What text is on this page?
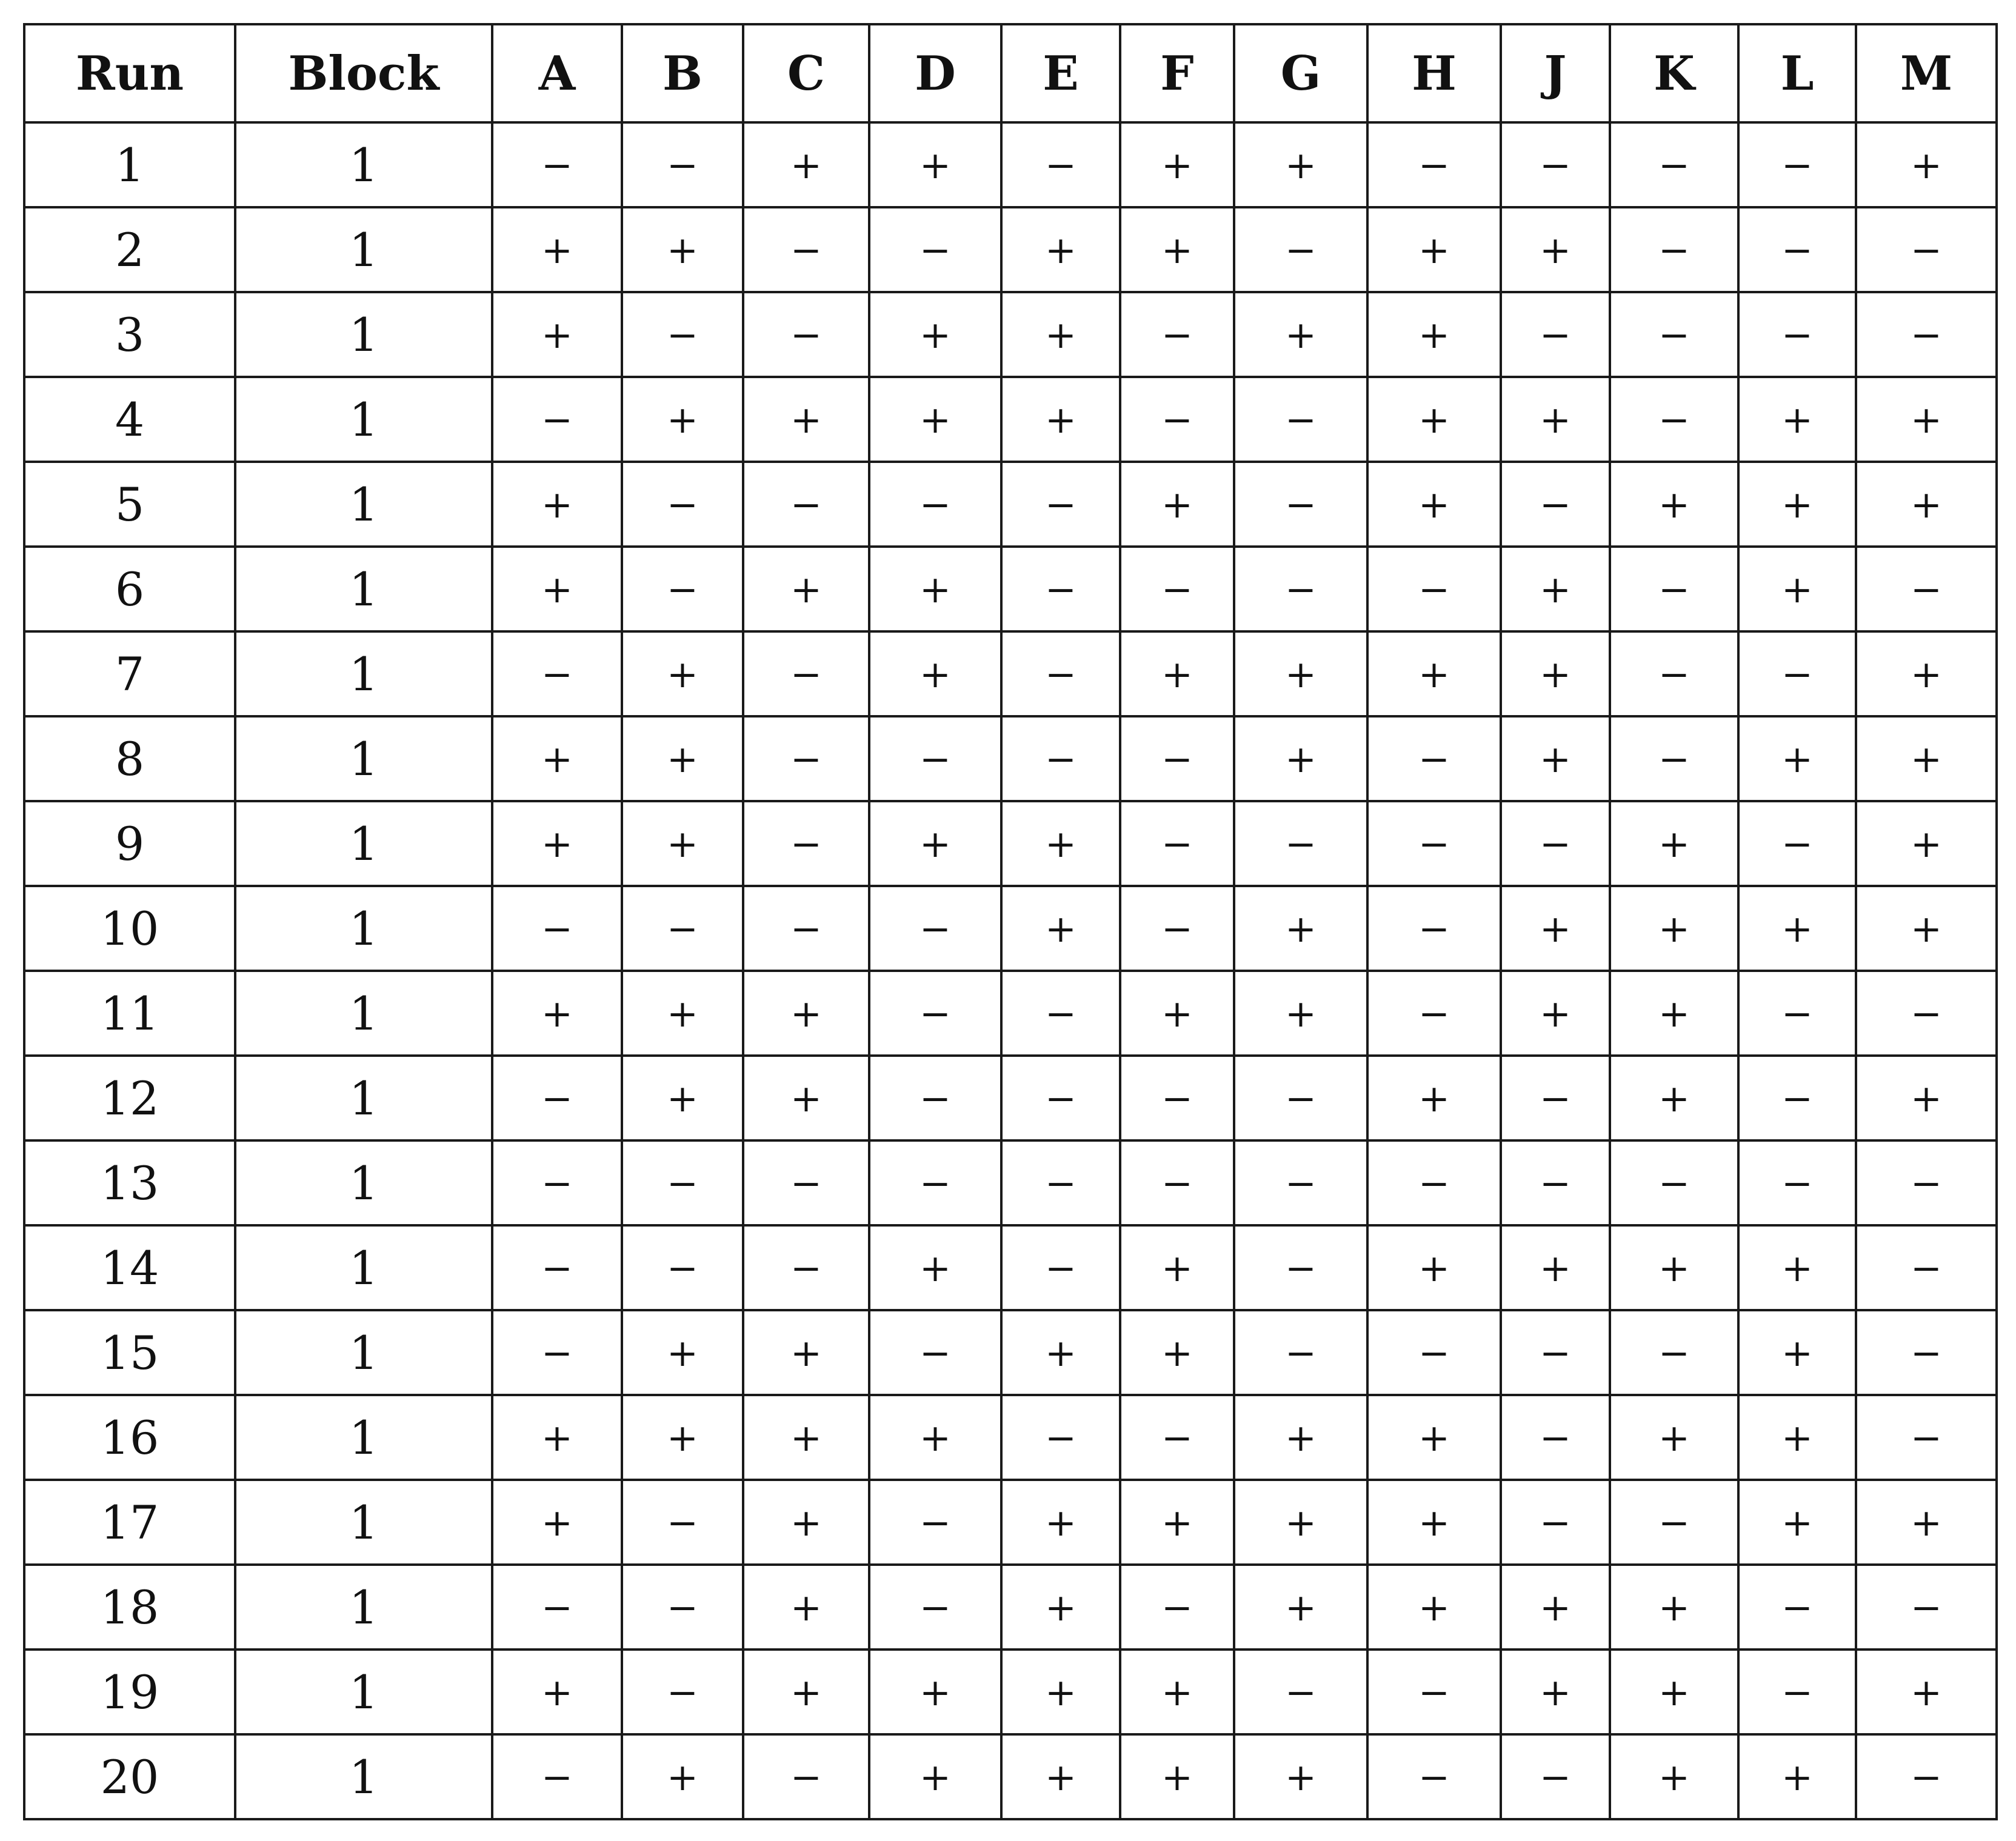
Run	Block	A	B	C	D	E	F	G	H	J	K	L	M
1	1	−	−	+	+	−	+	+	−	−	−	−	+
2	1	+	+	−	−	+	+	−	+	+	−	−	−
3	1	+	−	−	+	+	−	+	+	−	−	−	−
4	1	−	+	+	+	+	−	−	+	+	−	+	+
5	1	+	−	−	−	−	+	−	+	−	+	+	+
6	1	+	−	+	+	−	−	−	−	+	−	+	−
7	1	−	+	−	+	−	+	+	+	+	−	−	+
8	1	+	+	−	−	−	−	+	−	+	−	+	+
9	1	+	+	−	+	+	−	−	−	−	+	−	+
10	1	−	−	−	−	+	−	+	−	+	+	+	+
11	1	+	+	+	−	−	+	+	−	+	+	−	−
12	1	−	+	+	−	−	−	−	+	−	+	−	+
13	1	−	−	−	−	−	−	−	−	−	−	−	−
14	1	−	−	−	+	−	+	−	+	+	+	+	−
15	1	−	+	+	−	+	+	−	−	−	−	+	−
16	1	+	+	+	+	−	−	+	+	−	+	+	−
17	1	+	−	+	−	+	+	+	+	−	−	+	+
18	1	−	−	+	−	+	−	+	+	+	+	−	−
19	1	+	−	+	+	+	+	−	−	+	+	−	+
20	1	−	+	−	+	+	+	+	−	−	+	+	−
